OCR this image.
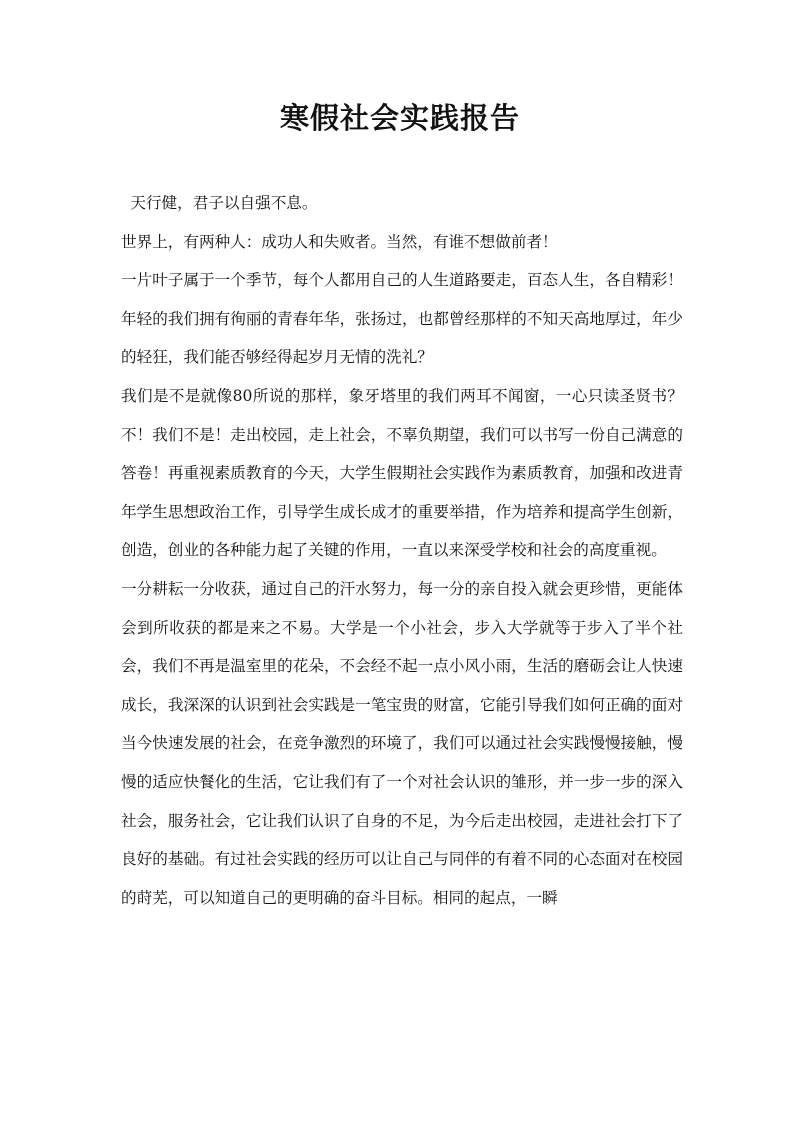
寒假社会实践报告

天行健，君子以自强不息。

世界上，有两种人：成功人和失败者。当然，有谁不想做前者！

一片叶子属于一个季节，每个人都用自己的人生道路要走，百态人生，各自精彩！年轻的我们拥有徇丽的青春年华，张扬过，也都曾经那样的不知天高地厚过，年少的轻狂，我们能否够经得起岁月无情的洗礼？

我们是不是就像80所说的那样，象牙塔里的我们两耳不闻窗，一心只读圣贤书？不！我们不是！走出校园，走上社会，不辜负期望，我们可以书写一份自己满意的答卷！再重视素质教育的今天，大学生假期社会实践作为素质教育，加强和改进青年学生思想政治工作，引导学生成长成才的重要举措，作为培养和提高学生创新，创造，创业的各种能力起了关键的作用，一直以来深受学校和社会的高度重视。

一分耕耘一分收获，通过自己的汗水努力，每一分的亲自投入就会更珍惜，更能体会到所收获的都是来之不易。大学是一个小社会，步入大学就等于步入了半个社会，我们不再是温室里的花朵，不会经不起一点小风小雨，生活的磨砺会让人快速成长，我深深的认识到社会实践是一笔宝贵的财富，它能引导我们如何正确的面对当今快速发展的社会，在竞争激烈的环境了，我们可以通过社会实践慢慢接触，慢慢的适应快餐化的生活，它让我们有了一个对社会认识的雏形，并一步一步的深入社会，服务社会，它让我们认识了自身的不足，为今后走出校园，走进社会打下了良好的基础。有过社会实践的经历可以让自己与同伴的有着不同的心态面对在校园的莳芜，可以知道自己的更明确的奋斗目标。相同的起点，一瞬
